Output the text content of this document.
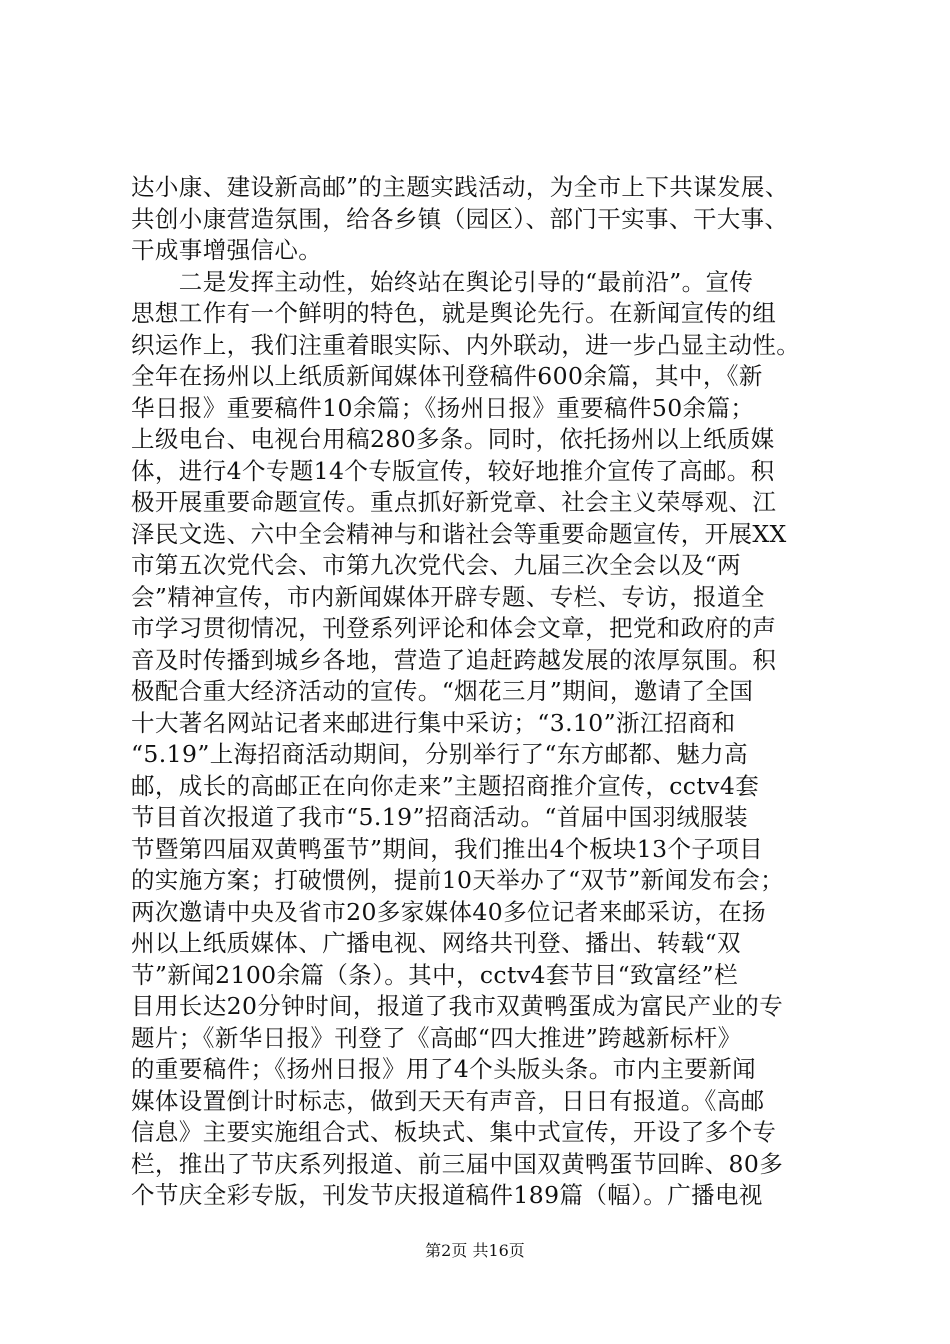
达小康、建设新高邮”的主题实践活动，为全市上下共谋发展、
共创小康营造氛围，给各乡镇（园区）、部门干实事、干大事、
干成事增强信心。
　　二是发挥主动性，始终站在舆论引导的“最前沿”。宣传
思想工作有一个鲜明的特色，就是舆论先行。在新闻宣传的组
织运作上，我们注重着眼实际、内外联动，进一步凸显主动性。
全年在扬州以上纸质新闻媒体刊登稿件600余篇，其中，《新
华日报》重要稿件10余篇；《扬州日报》重要稿件50余篇；
上级电台、电视台用稿280多条。同时，依托扬州以上纸质媒
体，进行4个专题14个专版宣传，较好地推介宣传了高邮。积
极开展重要命题宣传。重点抓好新党章、社会主义荣辱观、江
泽民文选、六中全会精神与和谐社会等重要命题宣传，开展XX
市第五次党代会、市第九次党代会、九届三次全会以及“两
会”精神宣传，市内新闻媒体开辟专题、专栏、专访，报道全
市学习贯彻情况，刊登系列评论和体会文章，把党和政府的声
音及时传播到城乡各地，营造了追赶跨越发展的浓厚氛围。积
极配合重大经济活动的宣传。“烟花三月”期间，邀请了全国
十大著名网站记者来邮进行集中采访；“3.10”浙江招商和
“5.19”上海招商活动期间，分别举行了“东方邮都、魅力高
邮，成长的高邮正在向你走来”主题招商推介宣传，cctv4套
节目首次报道了我市“5.19”招商活动。“首届中国羽绒服装
节暨第四届双黄鸭蛋节”期间，我们推出4个板块13个子项目
的实施方案；打破惯例，提前10天举办了“双节”新闻发布会；
两次邀请中央及省市20多家媒体40多位记者来邮采访，在扬
州以上纸质媒体、广播电视、网络共刊登、播出、转载“双
节”新闻2100余篇（条）。其中，cctv4套节目“致富经”栏
目用长达20分钟时间，报道了我市双黄鸭蛋成为富民产业的专
题片；《新华日报》刊登了《高邮“四大推进”跨越新标杆》
的重要稿件；《扬州日报》用了4个头版头条。市内主要新闻
媒体设置倒计时标志，做到天天有声音，日日有报道。《高邮
信息》主要实施组合式、板块式、集中式宣传，开设了多个专
栏，推出了节庆系列报道、前三届中国双黄鸭蛋节回眸、80多
个节庆全彩专版，刊发节庆报道稿件189篇（幅）。广播电视
第2页 共16页
